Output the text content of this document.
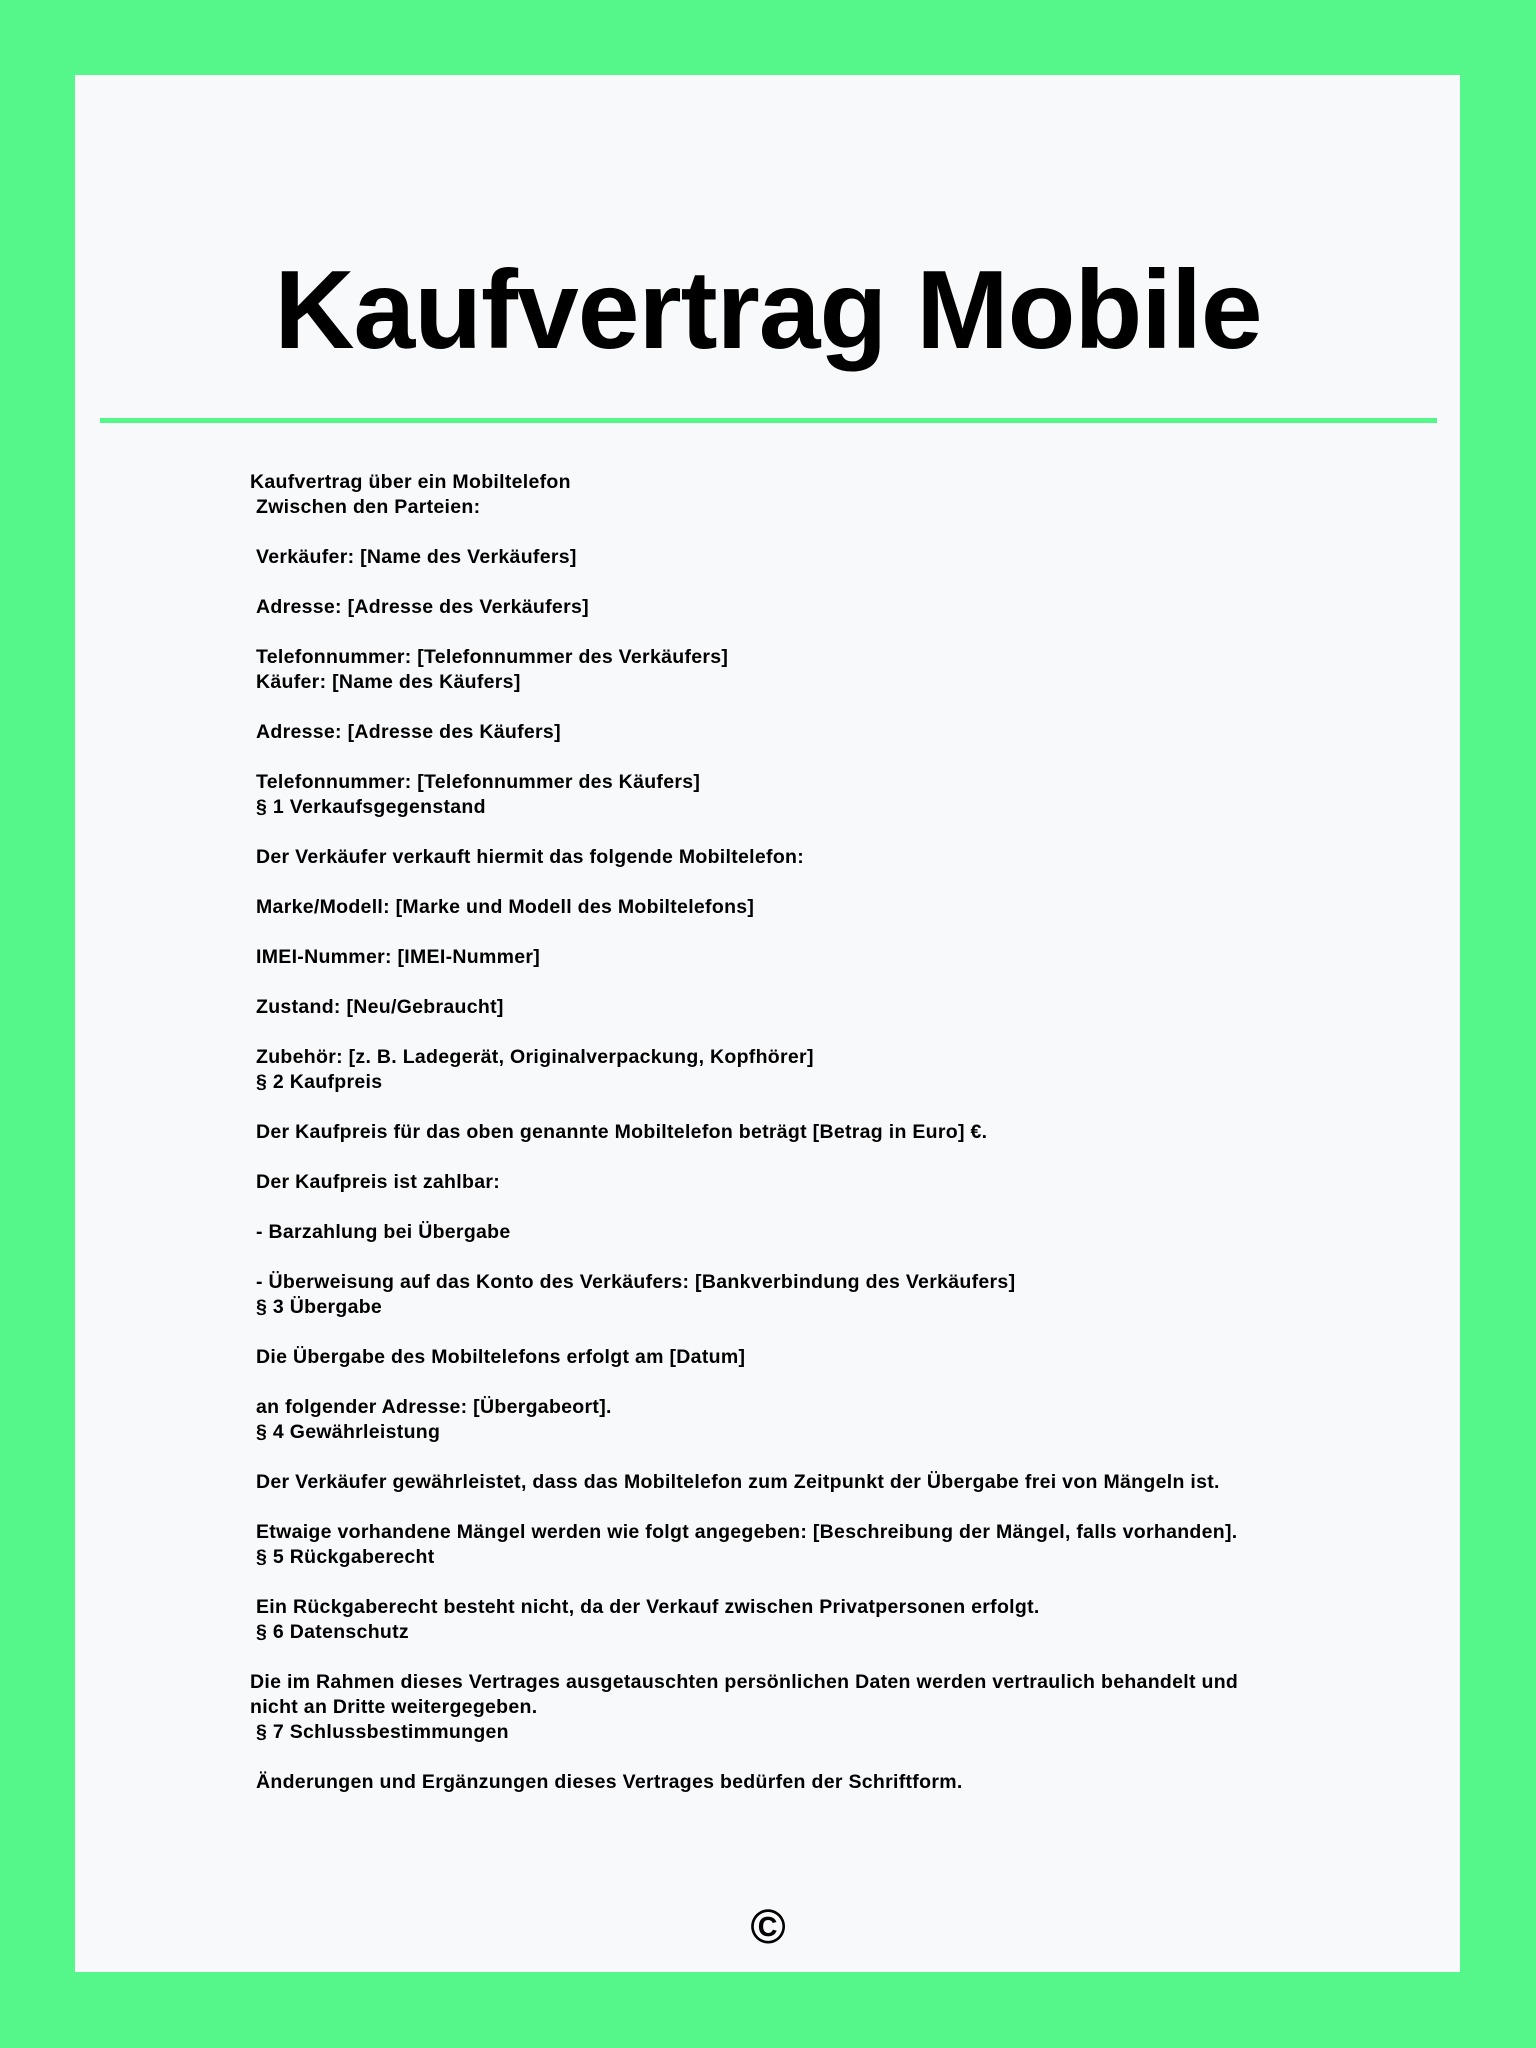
Kaufvertrag Mobile
Kaufvertrag über ein Mobiltelefon
Zwischen den Parteien:
Verkäufer: [Name des Verkäufers]
Adresse: [Adresse des Verkäufers]
Telefonnummer: [Telefonnummer des Verkäufers]
Käufer: [Name des Käufers]
Adresse: [Adresse des Käufers]
Telefonnummer: [Telefonnummer des Käufers]
§ 1 Verkaufsgegenstand
Der Verkäufer verkauft hiermit das folgende Mobiltelefon:
Marke/Modell: [Marke und Modell des Mobiltelefons]
IMEI-Nummer: [IMEI-Nummer]
Zustand: [Neu/Gebraucht]
Zubehör: [z. B. Ladegerät, Originalverpackung, Kopfhörer]
§ 2 Kaufpreis
Der Kaufpreis für das oben genannte Mobiltelefon beträgt [Betrag in Euro] €.
Der Kaufpreis ist zahlbar:
- Barzahlung bei Übergabe
- Überweisung auf das Konto des Verkäufers: [Bankverbindung des Verkäufers]
§ 3 Übergabe
Die Übergabe des Mobiltelefons erfolgt am [Datum]
an folgender Adresse: [Übergabeort].
§ 4 Gewährleistung
Der Verkäufer gewährleistet, dass das Mobiltelefon zum Zeitpunkt der Übergabe frei von Mängeln ist.
Etwaige vorhandene Mängel werden wie folgt angegeben: [Beschreibung der Mängel, falls vorhanden].
§ 5 Rückgaberecht
Ein Rückgaberecht besteht nicht, da der Verkauf zwischen Privatpersonen erfolgt.
§ 6 Datenschutz
Die im Rahmen dieses Vertrages ausgetauschten persönlichen Daten werden vertraulich behandelt und
nicht an Dritte weitergegeben.
§ 7 Schlussbestimmungen
Änderungen und Ergänzungen dieses Vertrages bedürfen der Schriftform.
©
